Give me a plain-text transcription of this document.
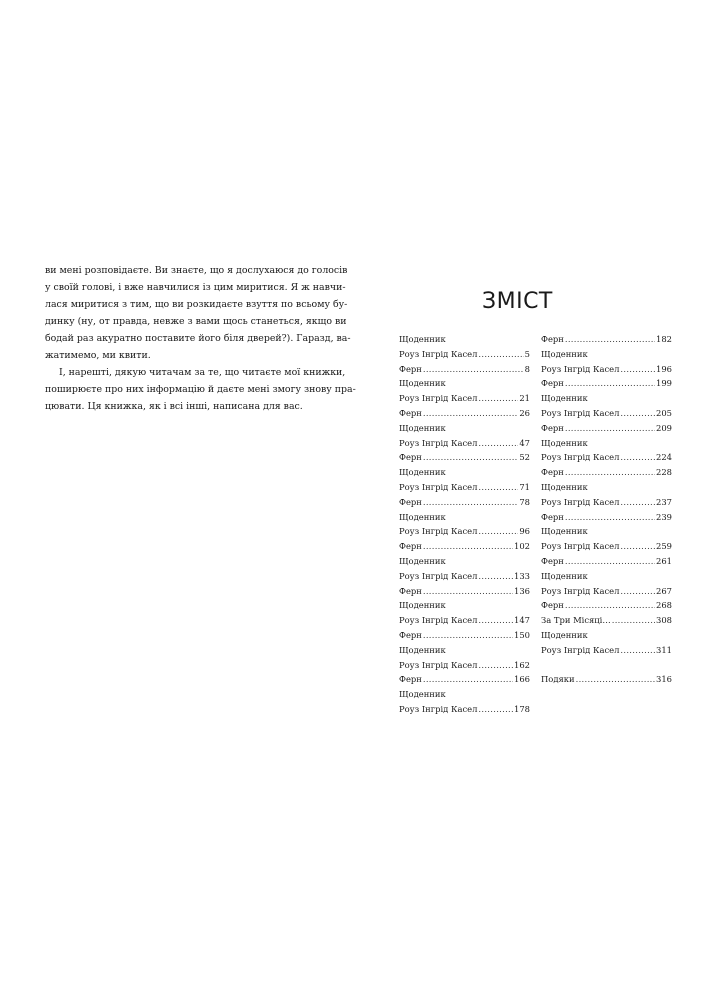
ви мені розповідаєте. Ви знаєте, що я дослухаюся до голосів
у своїй голові, і вже навчилися із цим миритися. Я ж навчи-
лася миритися з тим, що ви розкидаєте взуття по всьому бу-
динку (ну, от правда, невже з вами щось станеться, якщо ви
бодай раз акуратно поставите його біля дверей?). Гаразд, ва-
жатимемо, ми квити.
І, нарешті, дякую читачам за те, що читаєте мої книжки,
поширюєте про них інформацію й даєте мені змогу знову пра-
цювати. Ця книжка, як і всі інші, написана для вас.
ЗМІСТ
Щоденник
Роуз Інгрід Касел .....	5
Ферн .....	8
Щоденник
Роуз Інгрід Касел .....	21
Ферн .....	26
Щоденник
Роуз Інгрід Касел .....	47
Ферн .....	52
Щоденник
Роуз Інгрід Касел .....	71
Ферн .....	78
Щоденник
Роуз Інгрід Касел .....	96
Ферн .....	102
Щоденник
Роуз Інгрід Касел .....	133
Ферн .....	136
Щоденник
Роуз Інгрід Касел .....	147
Ферн .....	150
Щоденник
Роуз Інгрід Касел .....	162
Ферн .....	166
Щоденник
Роуз Інгрід Касел .....	178
Ферн .....	182
Щоденник
Роуз Інгрід Касел .....	196
Ферн .....	199
Щоденник
Роуз Інгрід Касел .....	205
Ферн .....	209
Щоденник
Роуз Інгрід Касел .....	224
Ферн .....	228
Щоденник
Роуз Інгрід Касел .....	237
Ферн .....	239
Щоденник
Роуз Інгрід Касел .....	259
Ферн .....	261
Щоденник
Роуз Інгрід Касел .....	267
Ферн .....	268
За Три Місяці… .....	308
Щоденник
Роуз Інгрід Касел .....	311
Подяки .....	316
